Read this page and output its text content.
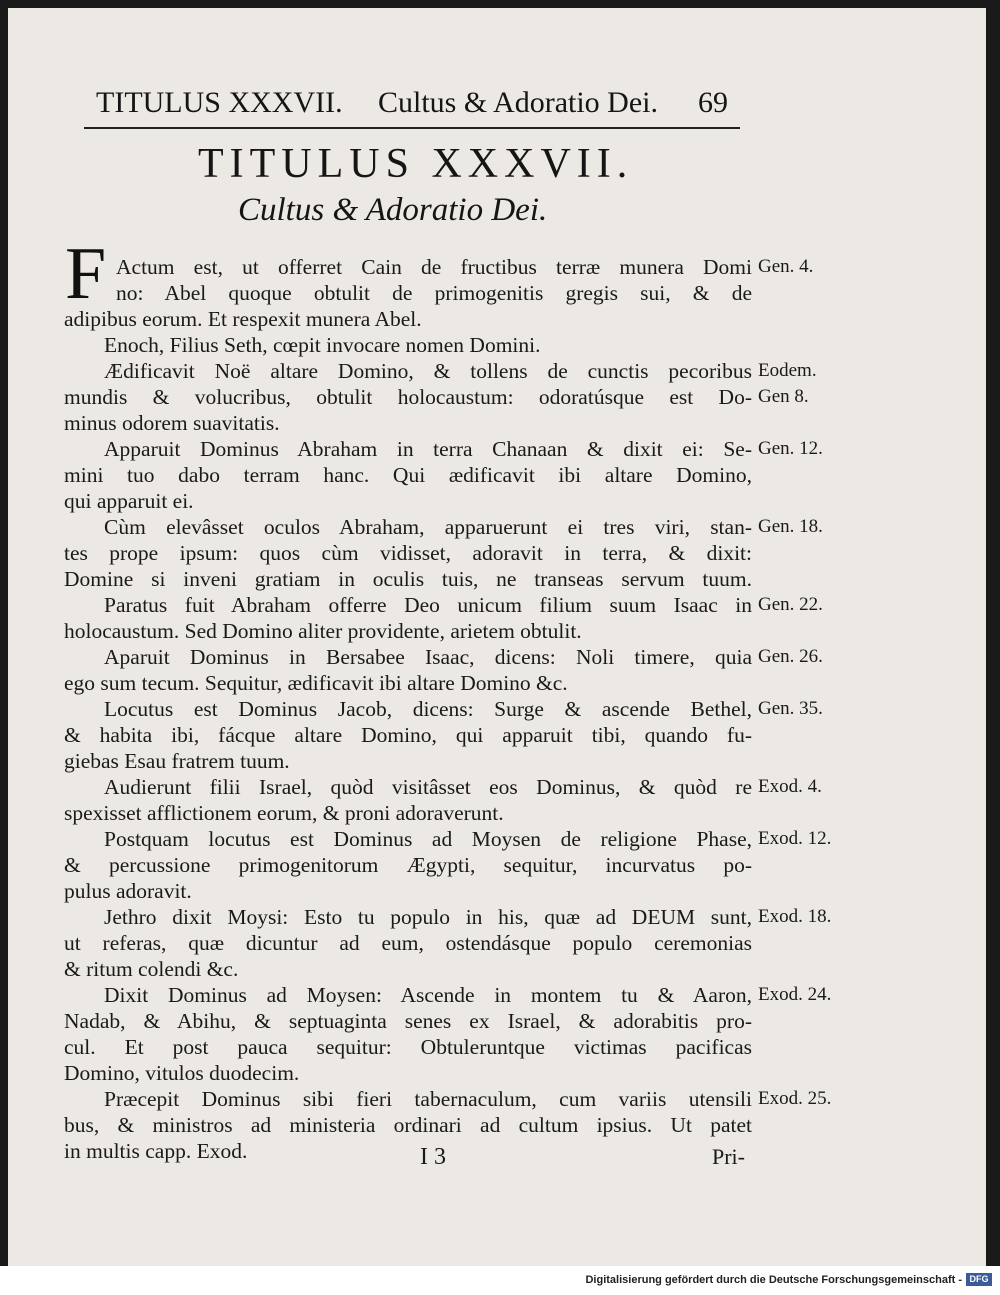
TITULUS XXXVII. Cultus & Adoratio Dei. 69
TITULUS XXXVII.
Cultus & Adoratio Dei.
F Actum est, ut offerret Cain de fructibus terræ munera Domi
no: Abel quoque obtulit de primogenitis gregis sui, & de
adipibus eorum. Et respexit munera Abel.
Enoch, Filius Seth, cœpit invocare nomen Domini.
Ædificavit Noë altare Domino, & tollens de cunctis pecoribus
mundis & volucribus, obtulit holocaustum: odoratúsque est Do-
minus odorem suavitatis.
Apparuit Dominus Abraham in terra Chanaan & dixit ei: Se-
mini tuo dabo terram hanc. Qui ædificavit ibi altare Domino,
qui apparuit ei.
Cùm elevâsset oculos Abraham, apparuerunt ei tres viri, stan-
tes prope ipsum: quos cùm vidisset, adoravit in terra, & dixit:
Domine si inveni gratiam in oculis tuis, ne transeas servum tuum.
Paratus fuit Abraham offerre Deo unicum filium suum Isaac in
holocaustum. Sed Domino aliter providente, arietem obtulit.
Aparuit Dominus in Bersabee Isaac, dicens: Noli timere, quia
ego sum tecum. Sequitur, ædificavit ibi altare Domino &c.
Locutus est Dominus Jacob, dicens: Surge & ascende Bethel,
& habita ibi, fácque altare Domino, qui apparuit tibi, quando fu-
giebas Esau fratrem tuum.
Audierunt filii Israel, quòd visitâsset eos Dominus, & quòd re
spexisset afflictionem eorum, & proni adoraverunt.
Postquam locutus est Dominus ad Moysen de religione Phase,
& percussione primogenitorum Ægypti, sequitur, incurvatus po-
pulus adoravit.
Jethro dixit Moysi: Esto tu populo in his, quæ ad DEUM sunt,
ut referas, quæ dicuntur ad eum, ostendásque populo ceremonias
& ritum colendi &c.
Dixit Dominus ad Moysen: Ascende in montem tu & Aaron,
Nadab, & Abihu, & septuaginta senes ex Israel, & adorabitis pro-
cul. Et post pauca sequitur: Obtuleruntque victimas pacificas
Domino, vitulos duodecim.
Præcepit Dominus sibi fieri tabernaculum, cum variis utensili
bus, & ministros ad ministeria ordinari ad cultum ipsius. Ut patet
in multis capp. Exod.
Gen. 4.
Eodem.
Gen 8.
Gen. 12.
Gen. 18.
Gen. 22.
Gen. 26.
Gen. 35.
Exod. 4.
Exod. 12.
Exod. 18.
Exod. 24.
Exod. 25.
I 3	Pri-
Digitalisierung gefördert durch die Deutsche Forschungsgemeinschaft - DFG
